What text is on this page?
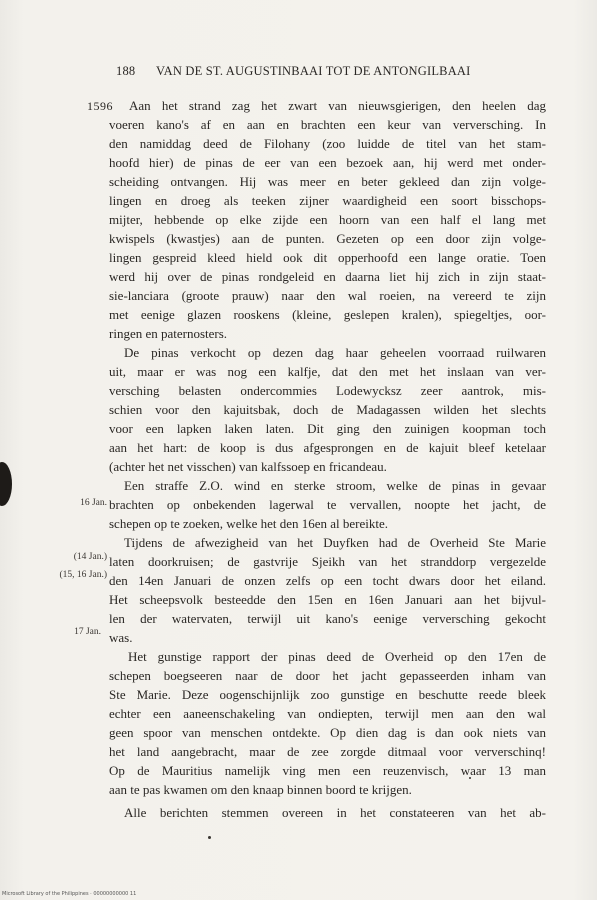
188 VAN DE ST. AUGUSTINBAAI TOT DE ANTONGILBAAI
1596
16 Jan.
(14 Jan.)
(15, 16 Jan.)
17 Jan.
Aan het strand zag het zwart van nieuwsgierigen, den heelen dag
voeren kano's af en aan en brachten een keur van verversching. In
den namiddag deed de Filohany (zoo luidde de titel van het stam-
hoofd hier) de pinas de eer van een bezoek aan, hij werd met onder-
scheiding ontvangen. Hij was meer en beter gekleed dan zijn volge-
lingen en droeg als teeken zijner waardigheid een soort bisschops-
mijter, hebbende op elke zijde een hoorn van een half el lang met
kwispels (kwastjes) aan de punten. Gezeten op een door zijn volge-
lingen gespreid kleed hield ook dit opperhoofd een lange oratie. Toen
werd hij over de pinas rondgeleid en daarna liet hij zich in zijn staat-
sie-lanciara (groote prauw) naar den wal roeien, na vereerd te zijn
met eenige glazen rooskens (kleine, geslepen kralen), spiegeltjes, oor-
ringen en paternosters.
De pinas verkocht op dezen dag haar geheelen voorraad ruilwaren
uit, maar er was nog een kalfje, dat den met het inslaan van ver-
versching belasten ondercommies Lodewycksz zeer aantrok, mis-
schien voor den kajuitsbak, doch de Madagassen wilden het slechts
voor een lapken laken laten. Dit ging den zuinigen koopman toch
aan het hart: de koop is dus afgesprongen en de kajuit bleef ketelaar
(achter het net visschen) van kalfssoep en fricandeau.
Een straffe Z.O. wind en sterke stroom, welke de pinas in gevaar
brachten op onbekenden lagerwal te vervallen, noopte het jacht, de
schepen op te zoeken, welke het den 16en al bereikte.
Tijdens de afwezigheid van het Duyfken had de Overheid Ste Marie
laten doorkruisen; de gastvrije Sjeikh van het stranddorp vergezelde
den 14en Januari de onzen zelfs op een tocht dwars door het eiland.
Het scheepsvolk besteedde den 15en en 16en Januari aan het bijvul-
len der watervaten, terwijl uit kano's eenige verversching gekocht
was.
Het gunstige rapport der pinas deed de Overheid op den 17en de
schepen boegseeren naar de door het jacht gepasseerden inham van
Ste Marie. Deze oogenschijnlijk zoo gunstige en beschutte reede bleek
echter een aaneenschakeling van ondiepten, terwijl men aan den wal
geen spoor van menschen ontdekte. Op dien dag is dan ook niets van
het land aangebracht, maar de zee zorgde ditmaal voor ververschinq!
Op de Mauritius namelijk ving men een reuzenvisch, waar 13 man
aan te pas kwamen om den knaap binnen boord te krijgen.
Alle berichten stemmen overeen in het constateeren van het ab-
Microsoft Library of the Philippines · 00000000000 11
